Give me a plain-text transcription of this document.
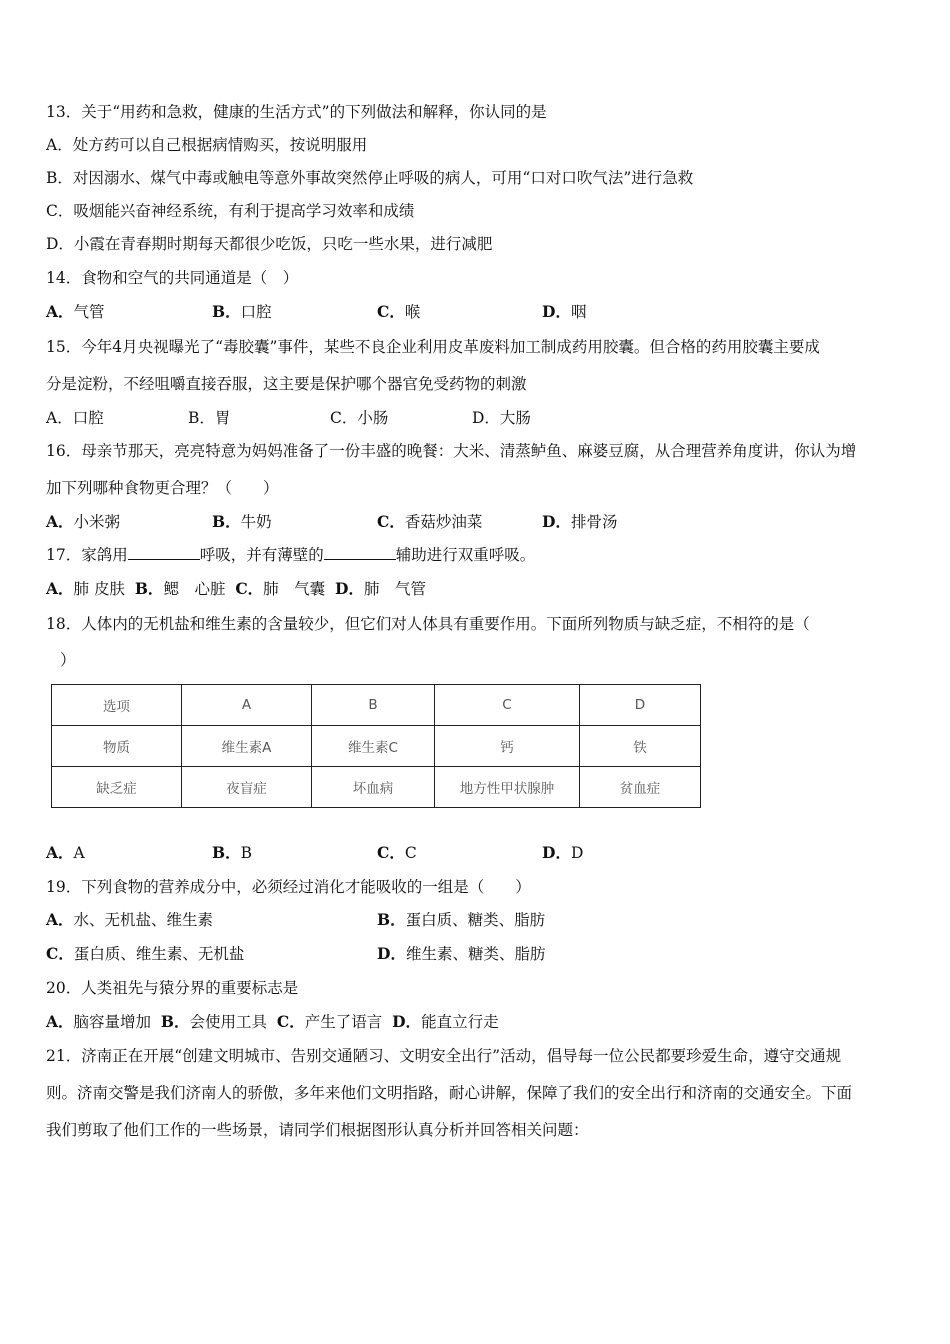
13．关于“用药和急救，健康的生活方式”的下列做法和解释，你认同的是
A．处方药可以自己根据病情购买，按说明服用
B．对因溺水、煤气中毒或触电等意外事故突然停止呼吸的病人，可用“口对口吹气法”进行急救
C．吸烟能兴奋神经系统，有利于提高学习效率和成绩
D．小霞在青春期时期每天都很少吃饭，只吃一些水果，进行减肥
14．食物和空气的共同通道是（　）
A．气管	B．口腔	C．喉	D．咽
15．今年4月央视曝光了“毒胶囊”事件，某些不良企业利用皮革废料加工制成药用胶囊。但合格的药用胶囊主要成
分是淀粉，不经咀嚼直接吞服，这主要是保护哪个器官免受药物的刺激
A．口腔	B．胃	C．小肠	D．大肠
16．母亲节那天，亮亮特意为妈妈准备了一份丰盛的晚餐：大米、清蒸鲈鱼、麻婆豆腐，从合理营养角度讲，你认为增
加下列哪种食物更合理？（　　）
A．小米粥	B．牛奶	C．香菇炒油菜	D．排骨汤
17．家鸽用	呼吸，并有薄壁的	辅助进行双重呼吸。
A．肺 皮肤 B．鳃　心脏 C．肺　气囊 D．肺　气管
18．人体内的无机盐和维生素的含量较少，但它们对人体具有重要作用。下面所列物质与缺乏症，不相符的是（
）
选项	A	B	C	D
物质	维生素A	维生素C	钙	铁
缺乏症	夜盲症	坏血病	地方性甲状腺肿	贫血症
A．A	B．B	C．C	D．D
19．下列食物的营养成分中，必须经过消化才能吸收的一组是（　　）
A．水、无机盐、维生素	B．蛋白质、糖类、脂肪
C．蛋白质、维生素、无机盐	D．维生素、糖类、脂肪
20．人类祖先与猿分界的重要标志是
A．脑容量增加 B．会使用工具 C．产生了语言 D．能直立行走
21．济南正在开展“创建文明城市、告别交通陋习、文明安全出行”活动，倡导每一位公民都要珍爱生命，遵守交通规
则。济南交警是我们济南人的骄傲，多年来他们文明指路，耐心讲解，保障了我们的安全出行和济南的交通安全。下面
我们剪取了他们工作的一些场景，请同学们根据图形认真分析并回答相关问题：
